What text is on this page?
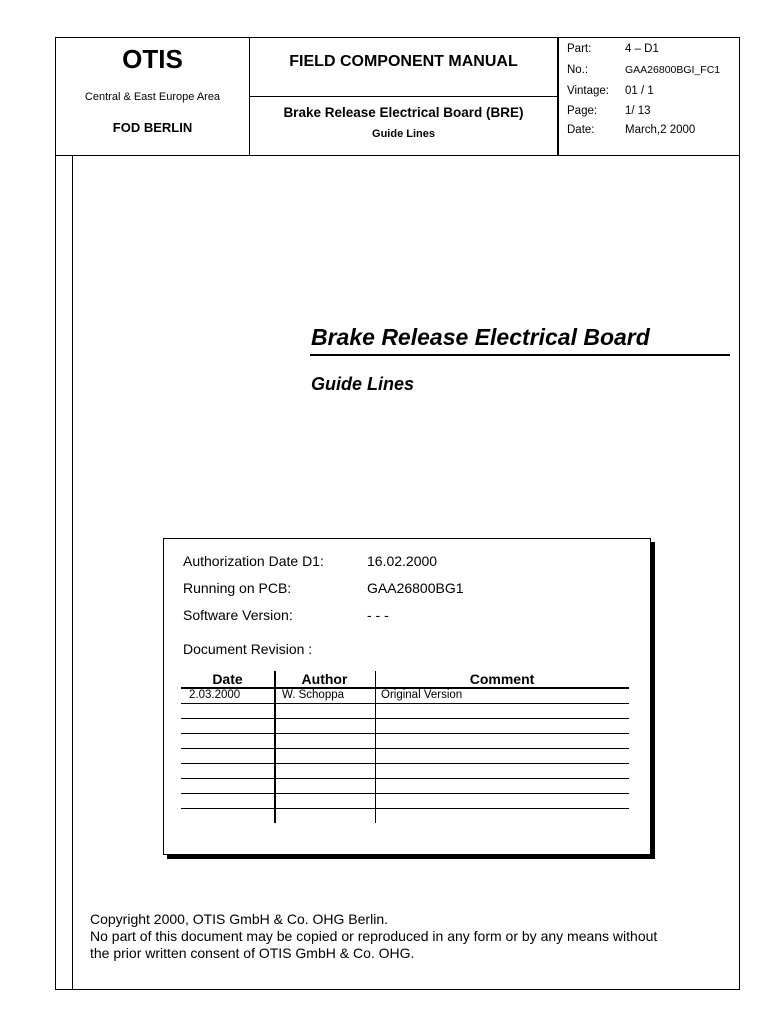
OTIS
Central & East Europe Area
FOD BERLIN
FIELD COMPONENT MANUAL
Brake Release Electrical Board (BRE)
Guide Lines
Part:	4 – D1
No.:	GAA26800BGI_FC1
Vintage: 01 / 1
Page: 1/ 13
Date:	March,2 2000
Brake Release Electrical Board
Guide Lines
Authorization Date D1:	16.02.2000
Running on PCB:	GAA26800BG1
Software Version:	- - -
Document Revision :
Date	Author	Comment
2.03.2000	W. Schoppa	Original Version
Copyright 2000, OTIS GmbH & Co. OHG Berlin.
No part of this document may be copied or reproduced in any form or by any means without
the prior written consent of OTIS GmbH & Co. OHG.
